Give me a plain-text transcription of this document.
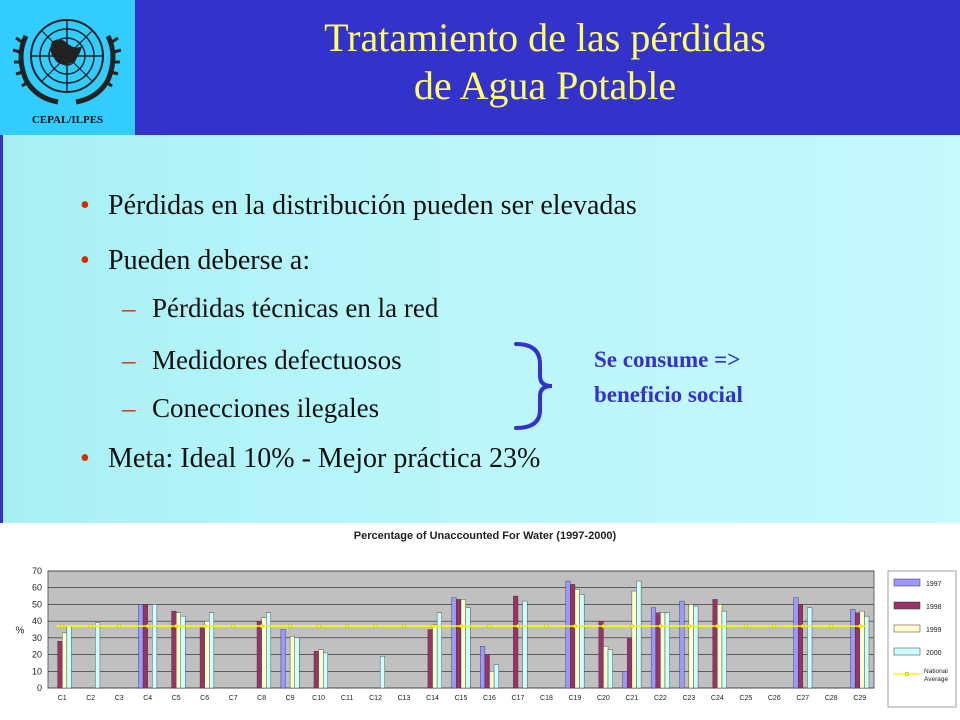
CEPAL/ILPES
Tratamiento de las pérdidas
de Agua Potable
• Pérdidas en la distribución pueden ser elevadas
• Pueden deberse a:
– Pérdidas técnicas en la red
– Medidores defectuosos
– Conecciones ilegales
Se consume =>
beneficio social
• Meta: Ideal 10% - Mejor práctica 23%
Percentage of Unaccounted For Water (1997-2000)
0
10
20
30
40
50
60
70
%
C1	C2	C3	C4	C5	C6	C7	C8	C9	C10 C11 C12 C13 C14 C15 C16 C17 C18 C19 C20 C21 C22 C23 C24 C25 C26 C27 C28 C29
1997
1998
1999
2000
National Average
